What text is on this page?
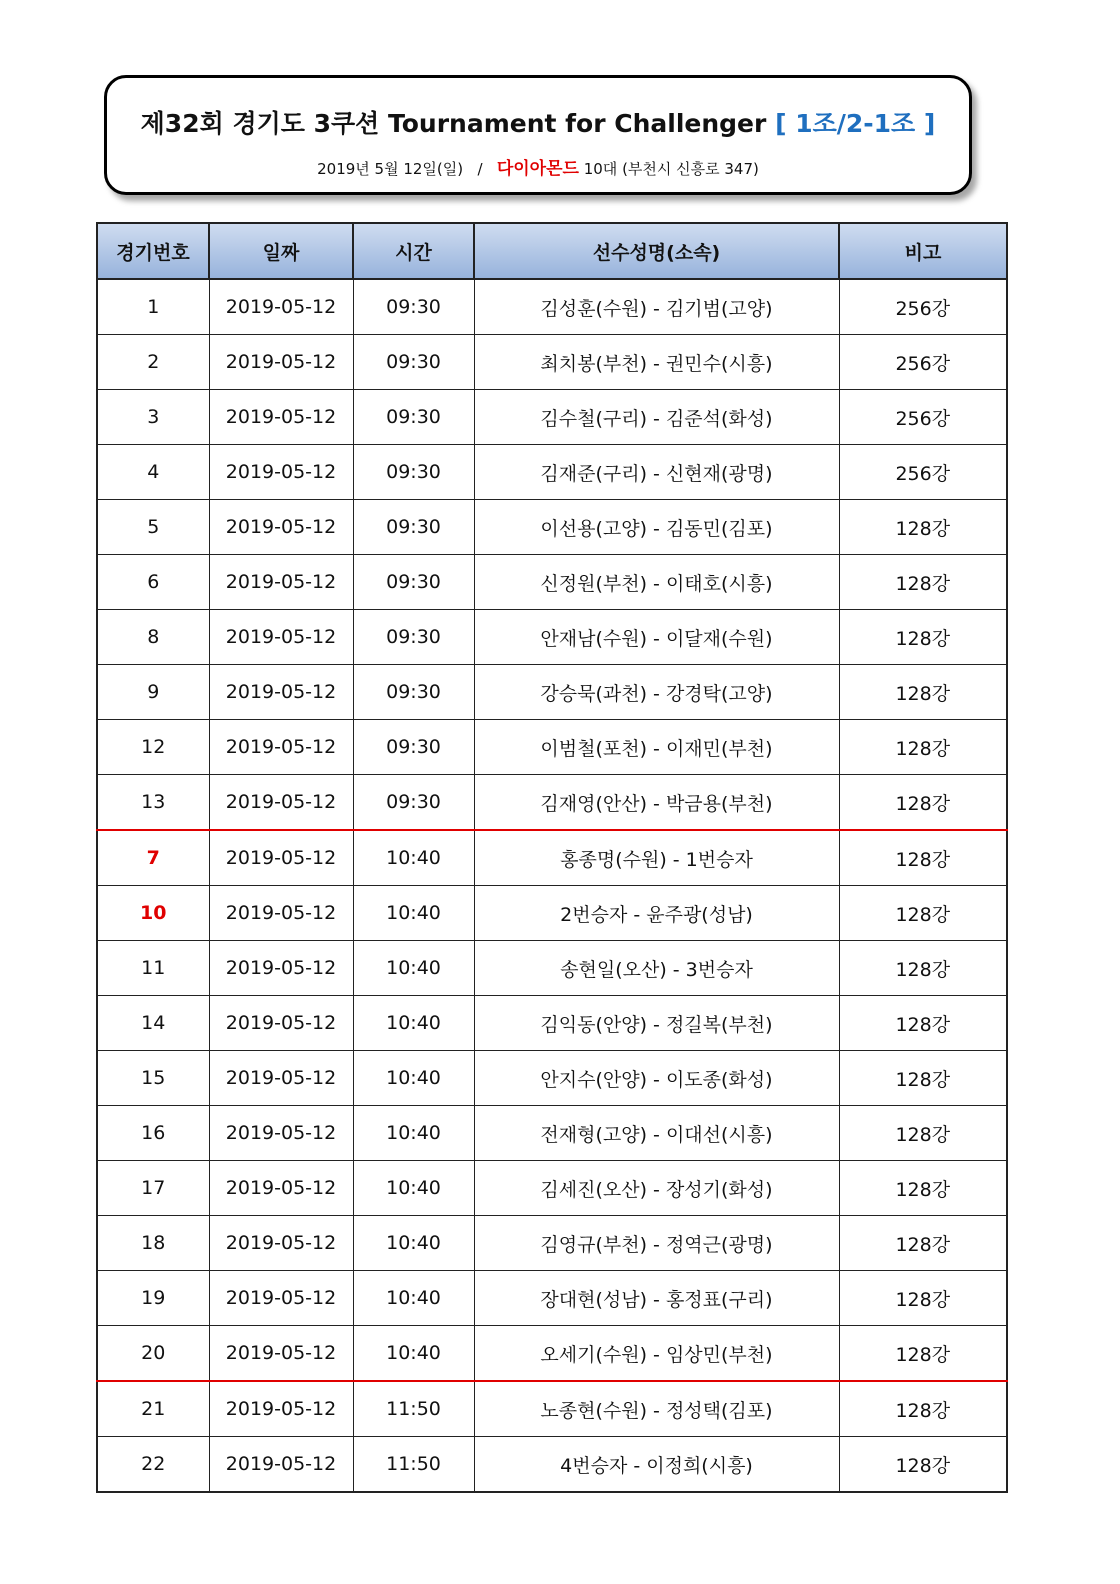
제32회 경기도 3쿠션 Tournament for Challenger [ 1조/2-1조 ]
2019년 5월 12일(일) / 다이아몬드 10대 (부천시 신흥로 347)
경기번호	일짜	시간	선수성명(소속)	비고
1	2019-05-12	09:30	김성훈(수원) - 김기범(고양)	256강
2	2019-05-12	09:30	최치봉(부천) - 권민수(시흥)	256강
3	2019-05-12	09:30	김수철(구리) - 김준석(화성)	256강
4	2019-05-12	09:30	김재준(구리) - 신현재(광명)	256강
5	2019-05-12	09:30	이선용(고양) - 김동민(김포)	128강
6	2019-05-12	09:30	신정원(부천) - 이태호(시흥)	128강
8	2019-05-12	09:30	안재남(수원) - 이달재(수원)	128강
9	2019-05-12	09:30	강승묵(과천) - 강경탁(고양)	128강
12	2019-05-12	09:30	이범철(포천) - 이재민(부천)	128강
13	2019-05-12	09:30	김재영(안산) - 박금용(부천)	128강
7	2019-05-12	10:40	홍종명(수원) - 1번승자	128강
10	2019-05-12	10:40	2번승자 - 윤주광(성남)	128강
11	2019-05-12	10:40	송현일(오산) - 3번승자	128강
14	2019-05-12	10:40	김익동(안양) - 정길복(부천)	128강
15	2019-05-12	10:40	안지수(안양) - 이도종(화성)	128강
16	2019-05-12	10:40	전재형(고양) - 이대선(시흥)	128강
17	2019-05-12	10:40	김세진(오산) - 장성기(화성)	128강
18	2019-05-12	10:40	김영규(부천) - 정역근(광명)	128강
19	2019-05-12	10:40	장대현(성남) - 홍정표(구리)	128강
20	2019-05-12	10:40	오세기(수원) - 임상민(부천)	128강
21	2019-05-12	11:50	노종현(수원) - 정성택(김포)	128강
22	2019-05-12	11:50	4번승자 - 이정희(시흥)	128강
